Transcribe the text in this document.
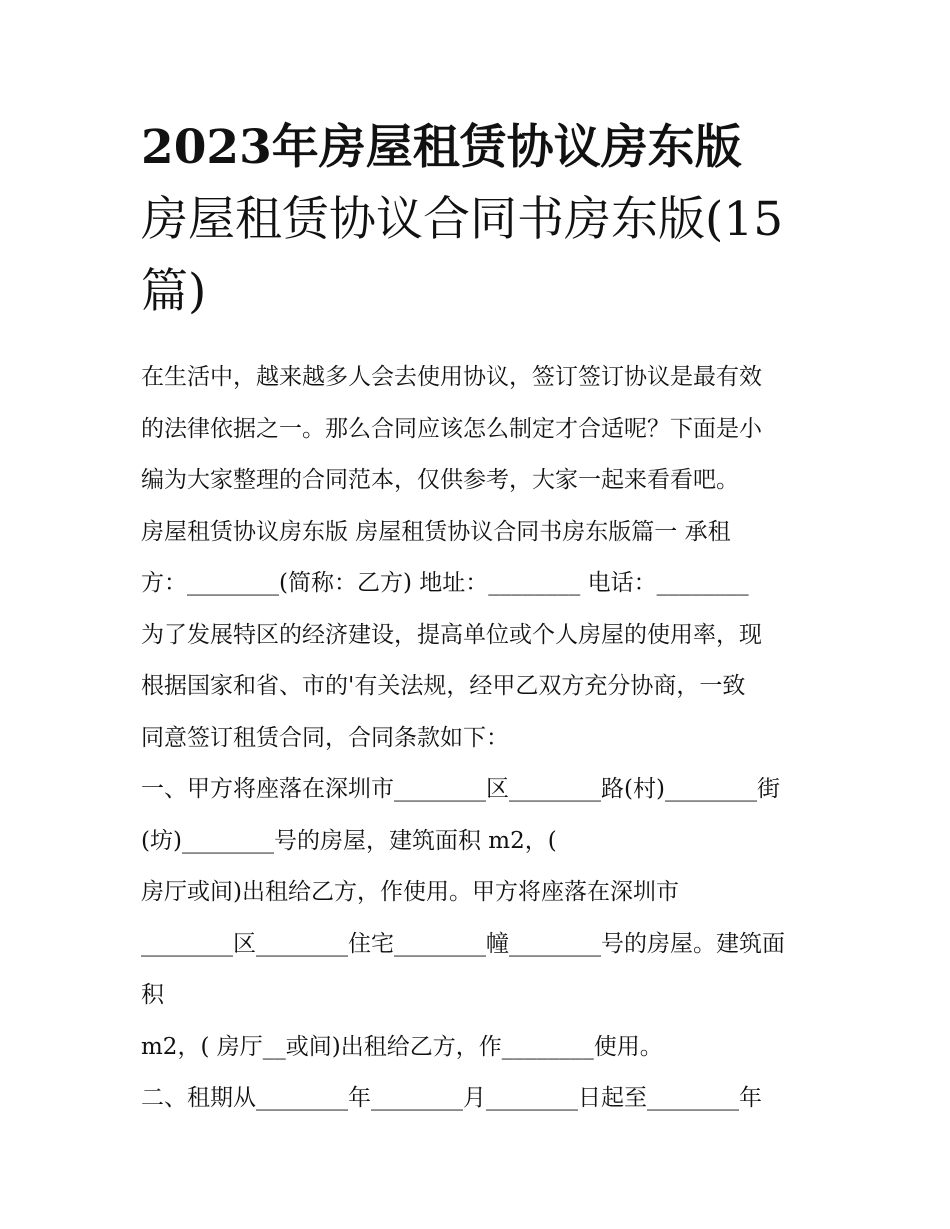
2023年房屋租赁协议房东版
房屋租赁协议合同书房东版(15
篇)
在生活中，越来越多人会去使用协议，签订签订协议是最有效
的法律依据之一。那么合同应该怎么制定才合适呢？下面是小
编为大家整理的合同范本，仅供参考，大家一起来看看吧。
房屋租赁协议房东版 房屋租赁协议合同书房东版篇一 承租
方：________(简称：乙方) 地址：________ 电话：________
为了发展特区的经济建设，提高单位或个人房屋的使用率，现
根据国家和省、市的'有关法规，经甲乙双方充分协商，一致
同意签订租赁合同，合同条款如下：
一、甲方将座落在深圳市________区________路(村)________街
(坊)________号的房屋，建筑面积 m2，(
房厅或间)出租给乙方，作使用。甲方将座落在深圳市
________区________住宅________幢________号的房屋。建筑面
积
m2，( 房厅__或间)出租给乙方，作________使用。
二、租期从________年________月________日起至________年
